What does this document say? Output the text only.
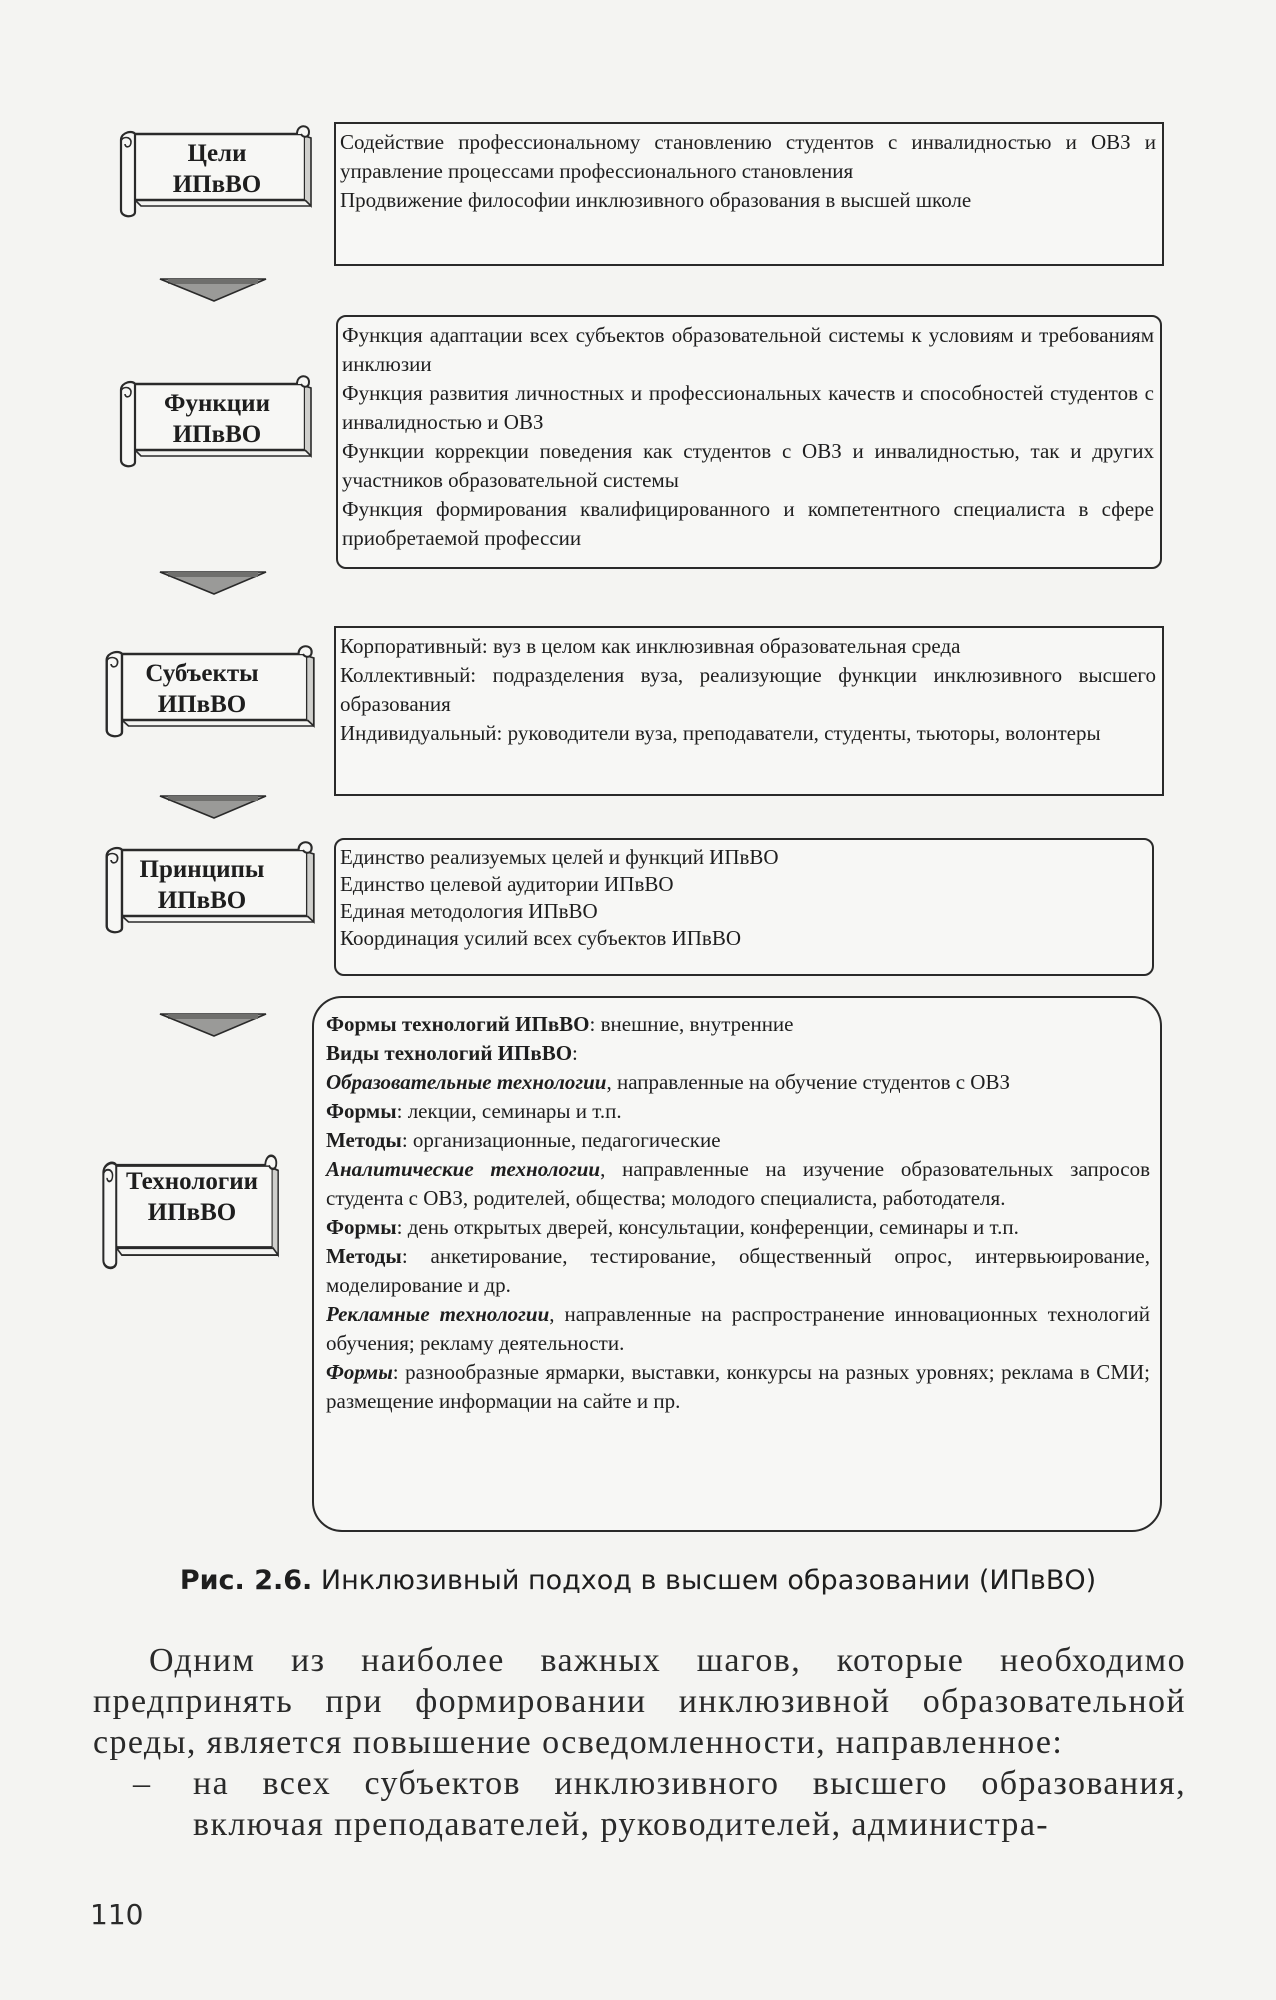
Цели
ИПвВО
Функции
ИПвВО
Субъекты
ИПвВО
Принципы
ИПвВО
Технологии
ИПвВО

Содействие профессиональному становлению студентов с инвалидностью и ОВЗ и управление процессами профессионального становления

Продвижение философии инклюзивного образования в высшей школе

Функция адаптации всех субъектов образовательной системы к условиям и требованиям инклюзии

Функция развития личностных и профессиональных качеств и способностей студентов с инвалидностью и ОВЗ

Функции коррекции поведения как студентов с ОВЗ и инвалидностью, так и других участников образовательной системы

Функция формирования квалифицированного и компетентного специалиста в сфере приобретаемой профессии

Корпоративный: вуз в целом как инклюзивная образовательная среда

Коллективный: подразделения вуза, реализующие функции инклюзивного высшего образования

Индивидуальный: руководители вуза, преподаватели, студенты, тьюторы, волонтеры

Единство реализуемых целей и функций ИПвВО

Единство целевой аудитории ИПвВО

Единая методология ИПвВО

Координация усилий всех субъектов ИПвВО

Формы технологий ИПвВО: внешние, внутренние

Виды технологий ИПвВО:

Образовательные технологии, направленные на обучение студентов с ОВЗ

Формы: лекции, семинары и т.п.

Методы: организационные, педагогические

Аналитические технологии, направленные на изучение образовательных запросов студента с ОВЗ, родителей, общества; молодого специалиста, работодателя.

Формы: день открытых дверей, консультации, конференции, семинары и т.п.

Методы: анкетирование, тестирование, общественный опрос, интервьюирование, моделирование и др.

Рекламные технологии, направленные на распространение инновационных технологий обучения; рекламу деятельности.

Формы: разнообразные ярмарки, выставки, конкурсы на разных уровнях; реклама в СМИ; размещение информации на сайте и пр.

Рис. 2.6. Инклюзивный подход в высшем образовании (ИПвВО)

Одним из наиболее важных шагов, которые необходимо предпринять при формировании инклюзивной образовательной среды, является повышение осведомленности, направленное:

– на всех субъектов инклюзивного высшего образования, включая преподавателей, руководителей, администра-

110
